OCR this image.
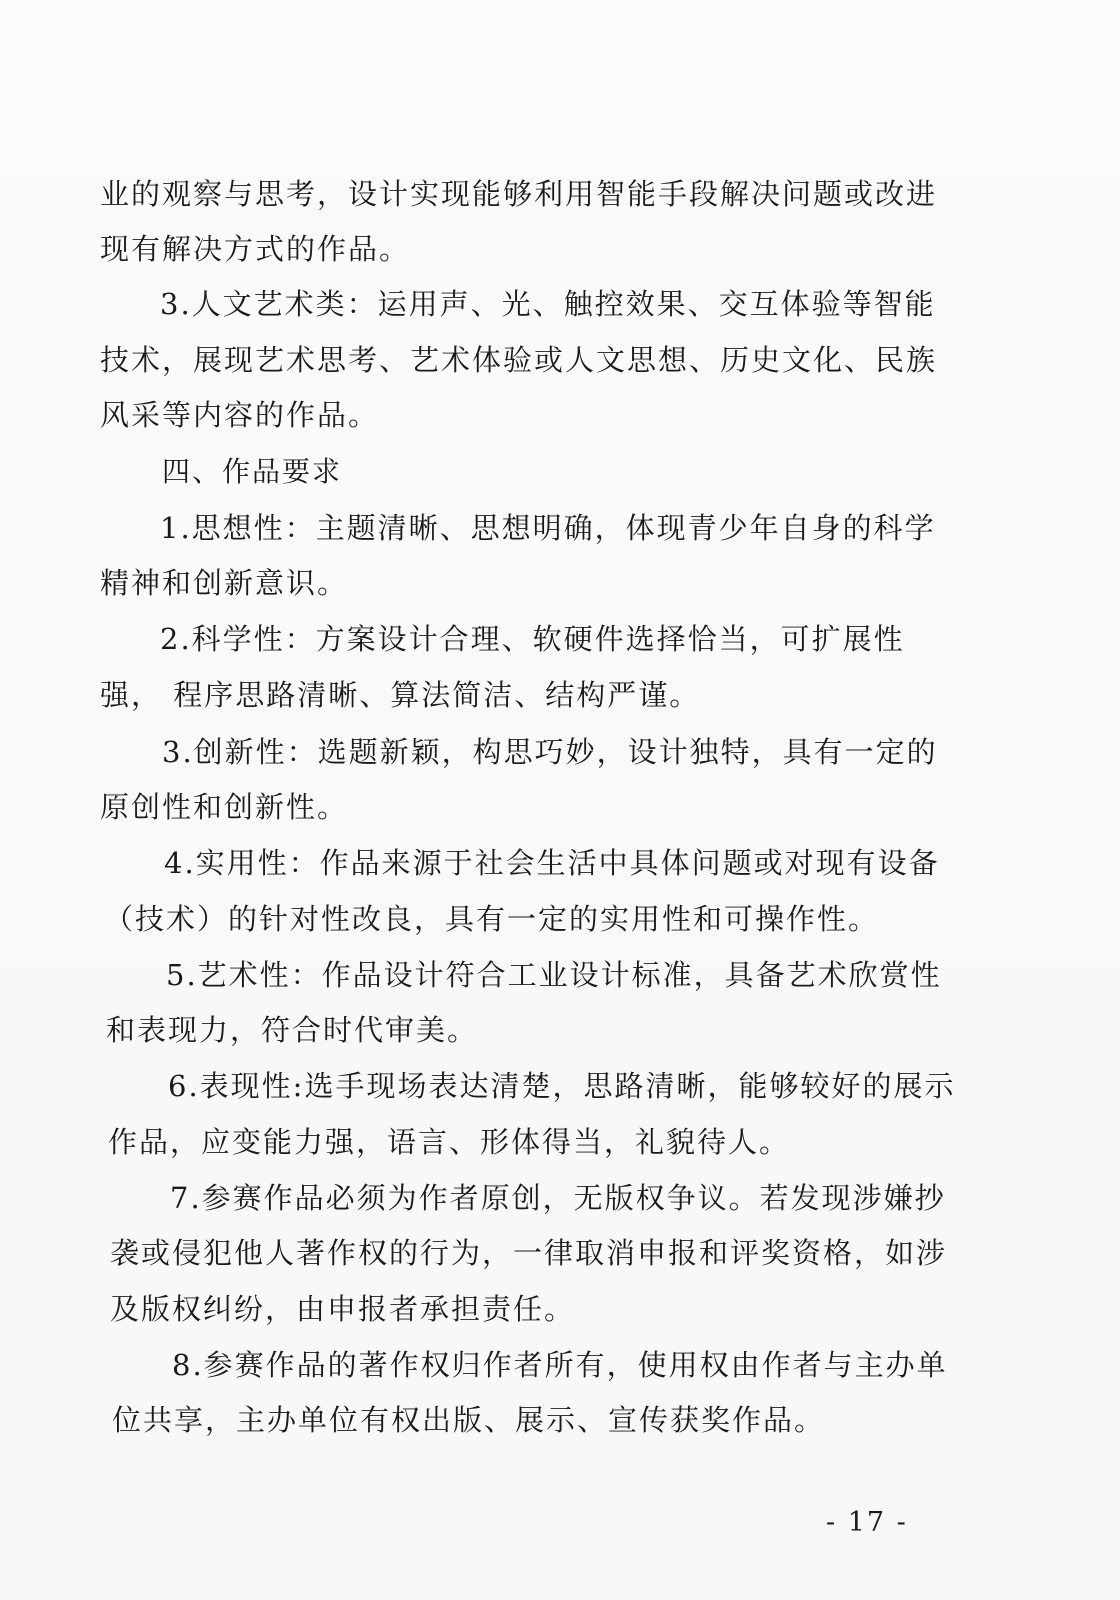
业的观察与思考，设计实现能够利用智能手段解决问题或改进
现有解决方式的作品。
3.人文艺术类：运用声、光、触控效果、交互体验等智能
技术，展现艺术思考、艺术体验或人文思想、历史文化、民族
风采等内容的作品。
四、作品要求
1.思想性：主题清晰、思想明确，体现青少年自身的科学
精神和创新意识。
2.科学性：方案设计合理、软硬件选择恰当，可扩展性
强， 程序思路清晰、算法简洁、结构严谨。
3.创新性：选题新颖，构思巧妙，设计独特，具有一定的
原创性和创新性。
4.实用性：作品来源于社会生活中具体问题或对现有设备
（技术）的针对性改良，具有一定的实用性和可操作性。
5.艺术性：作品设计符合工业设计标准，具备艺术欣赏性
和表现力，符合时代审美。
6.表现性:选手现场表达清楚，思路清晰，能够较好的展示
作品，应变能力强，语言、形体得当，礼貌待人。
7.参赛作品必须为作者原创，无版权争议。若发现涉嫌抄
袭或侵犯他人著作权的行为，一律取消申报和评奖资格，如涉
及版权纠纷，由申报者承担责任。
8.参赛作品的著作权归作者所有，使用权由作者与主办单
位共享，主办单位有权出版、展示、宣传获奖作品。
- 17 -
